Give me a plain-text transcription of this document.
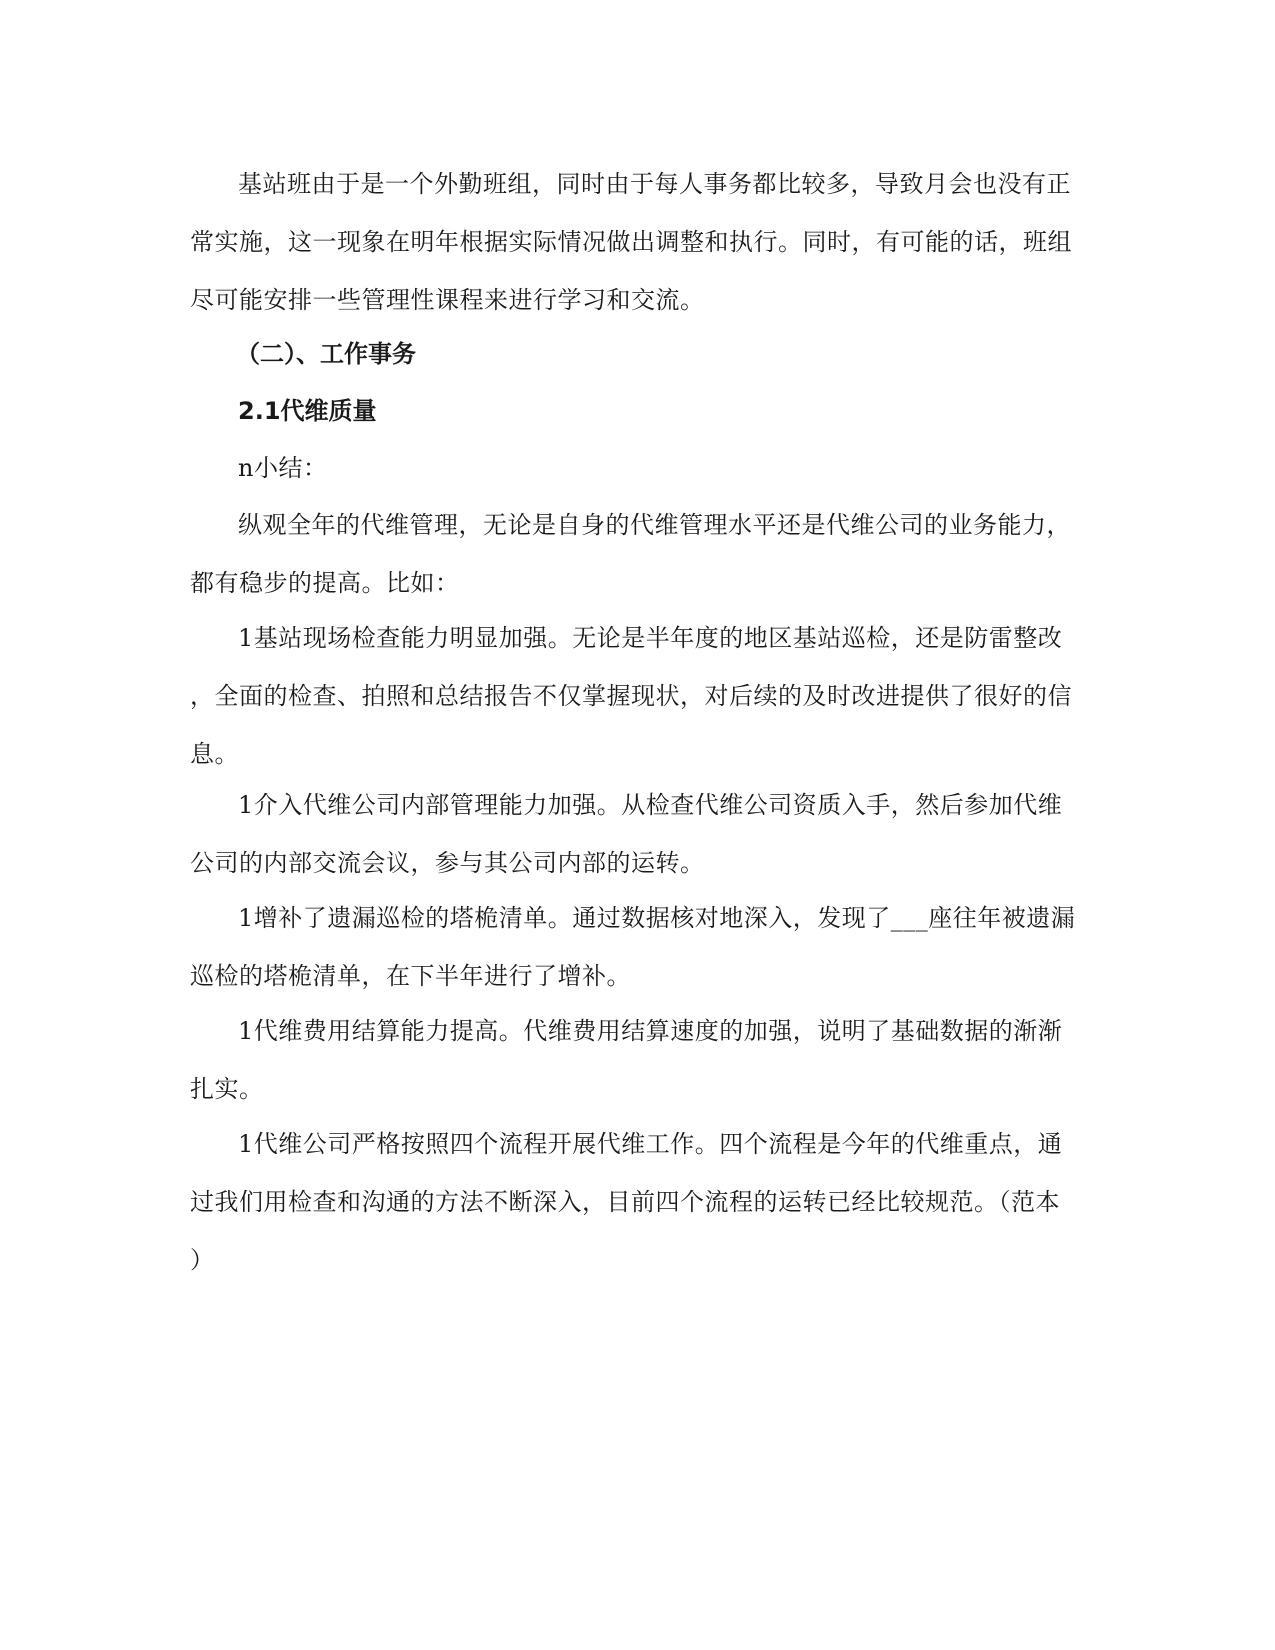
基站班由于是一个外勤班组，同时由于每人事务都比较多，导致月会也没有正
常实施，这一现象在明年根据实际情况做出调整和执行。同时，有可能的话，班组
尽可能安排一些管理性课程来进行学习和交流。
（二）、工作事务
2.1代维质量
n小结：
纵观全年的代维管理，无论是自身的代维管理水平还是代维公司的业务能力，
都有稳步的提高。比如：
1基站现场检查能力明显加强。无论是半年度的地区基站巡检，还是防雷整改
，全面的检查、拍照和总结报告不仅掌握现状，对后续的及时改进提供了很好的信
息。
1介入代维公司内部管理能力加强。从检查代维公司资质入手，然后参加代维
公司的内部交流会议，参与其公司内部的运转。
1增补了遗漏巡检的塔桅清单。通过数据核对地深入，发现了___座往年被遗漏
巡检的塔桅清单，在下半年进行了增补。
1代维费用结算能力提高。代维费用结算速度的加强，说明了基础数据的渐渐
扎实。
1代维公司严格按照四个流程开展代维工作。四个流程是今年的代维重点，通
过我们用检查和沟通的方法不断深入，目前四个流程的运转已经比较规范。（范本
）
